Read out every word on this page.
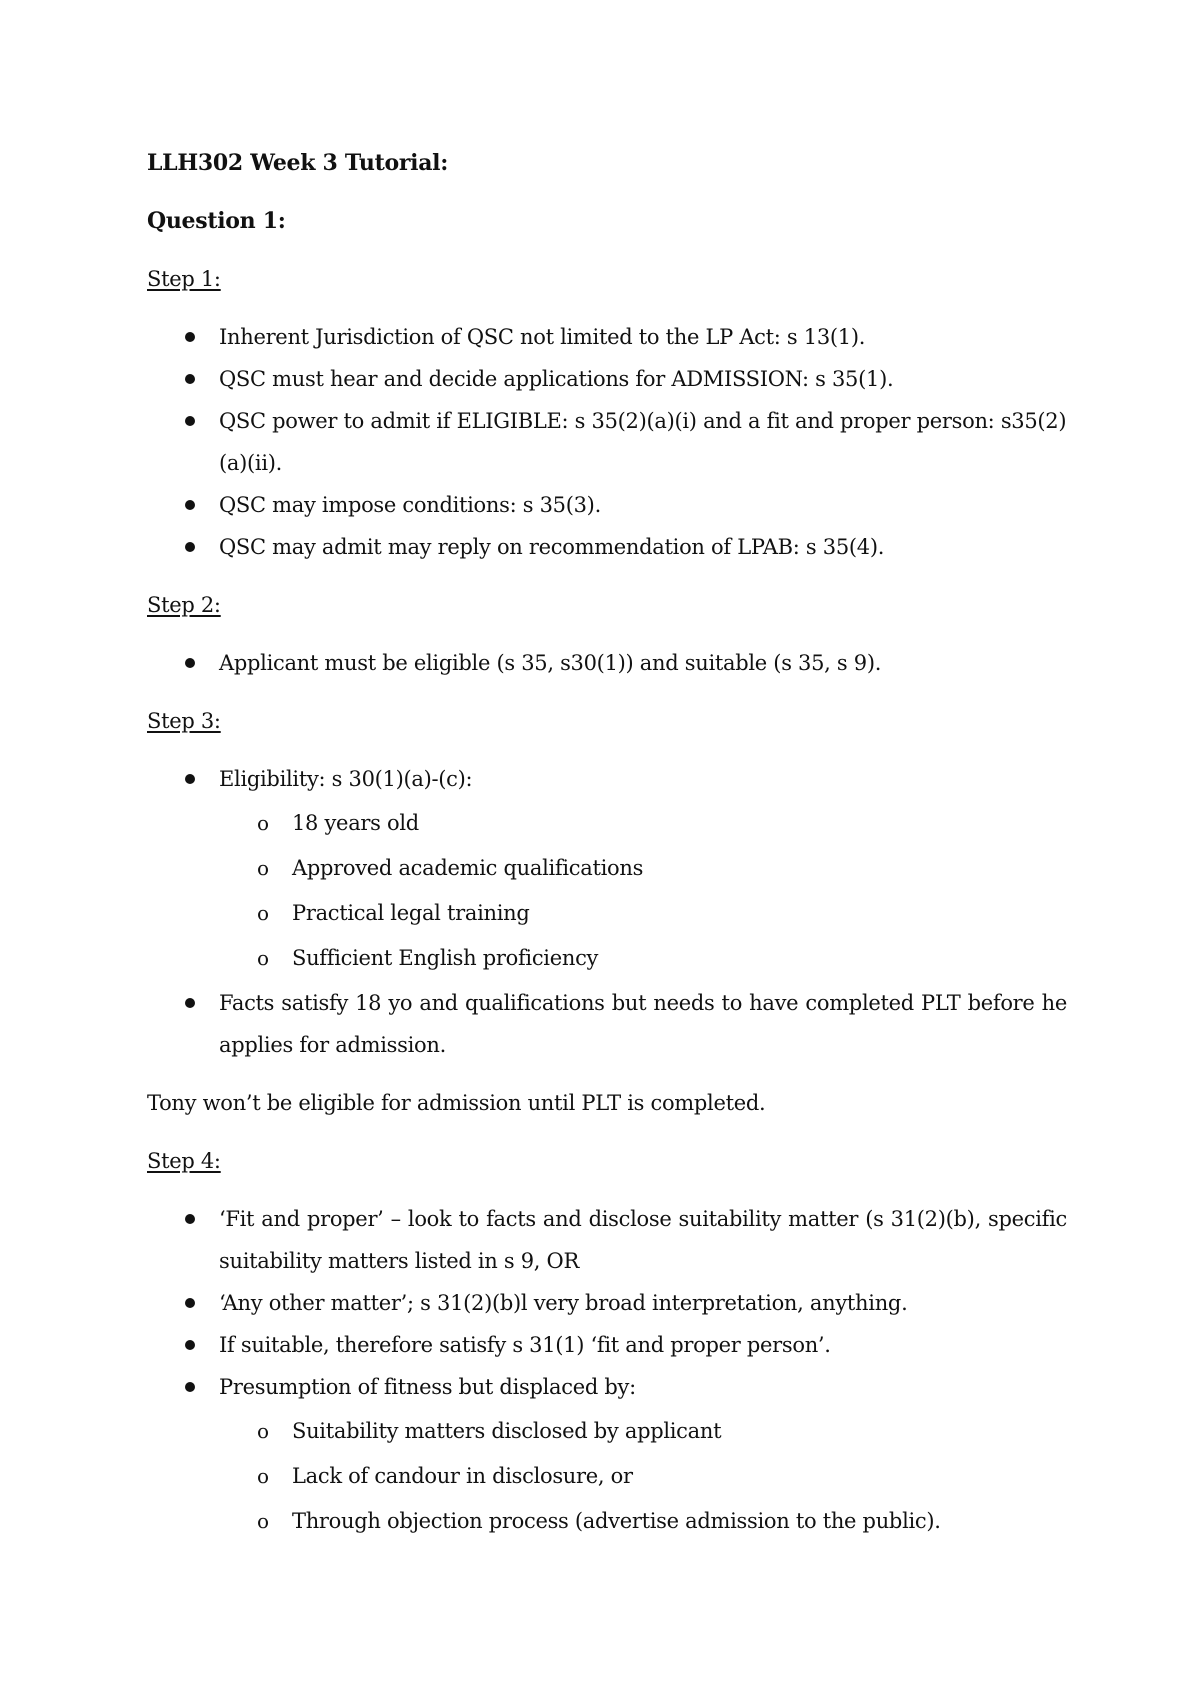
LLH302 Week 3 Tutorial:
Question 1:
Step 1:
Inherent Jurisdiction of QSC not limited to the LP Act: s 13(1).
QSC must hear and decide applications for ADMISSION: s 35(1).
QSC power to admit if ELIGIBLE: s 35(2)(a)(i) and a fit and proper person: s35(2)(a)(ii).
QSC may impose conditions: s 35(3).
QSC may admit may reply on recommendation of LPAB: s 35(4).
Step 2:
Applicant must be eligible (s 35, s30(1)) and suitable (s 35, s 9).
Step 3:
Eligibility: s 30(1)(a)-(c):
o	18 years old
o	Approved academic qualifications
o	Practical legal training
o	Sufficient English proficiency
Facts satisfy 18 yo and qualifications but needs to have completed PLT before he applies for admission.
Tony won’t be eligible for admission until PLT is completed.
Step 4:
‘Fit and proper’ – look to facts and disclose suitability matter (s 31(2)(b), specific suitability matters listed in s 9, OR
‘Any other matter’; s 31(2)(b)l very broad interpretation, anything.
If suitable, therefore satisfy s 31(1) ‘fit and proper person’.
Presumption of fitness but displaced by:
o	Suitability matters disclosed by applicant
o	Lack of candour in disclosure, or
o	Through objection process (advertise admission to the public).
